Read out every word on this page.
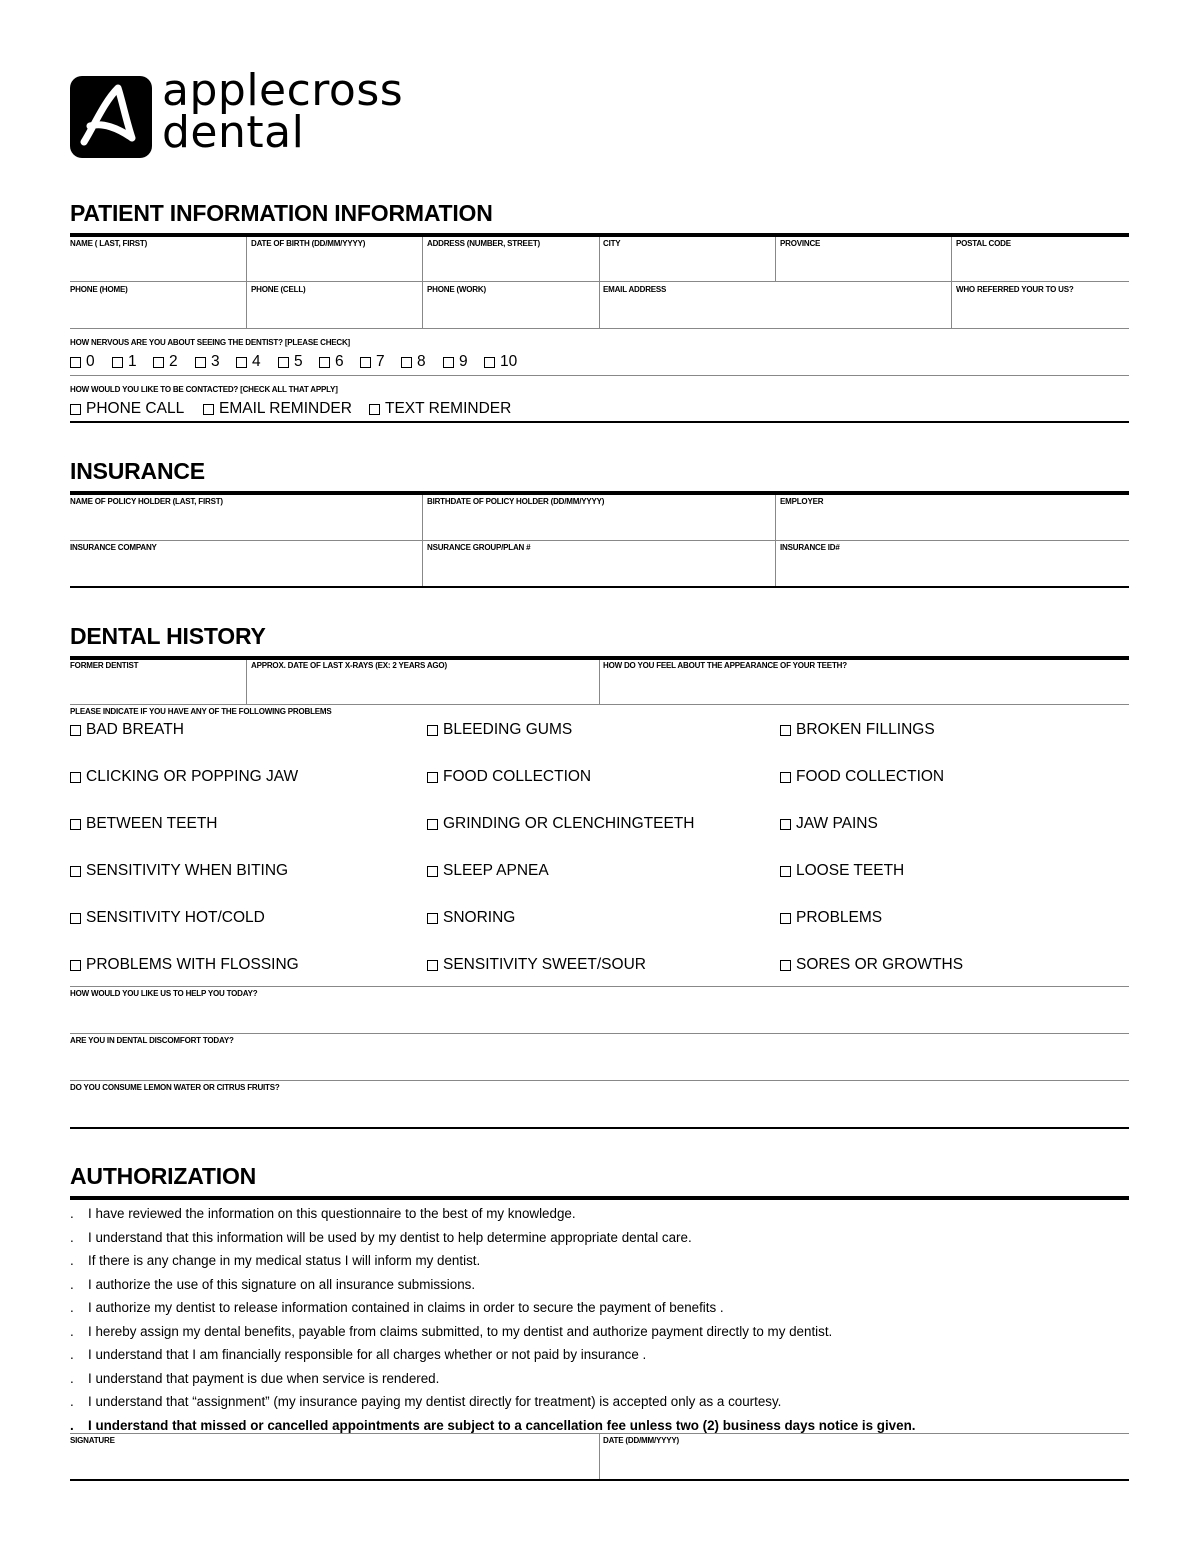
applecross
dental
PATIENT INFORMATION INFORMATION
NAME ( LAST, FIRST)	DATE OF BIRTH (DD/MM/YYYY)	ADDRESS (NUMBER, STREET)	CITY	PROVINCE	POSTAL CODE
PHONE (HOME)	PHONE (CELL)	PHONE (WORK)	EMAIL ADDRESS	WHO REFERRED YOUR TO US?
HOW NERVOUS ARE YOU ABOUT SEEING THE DENTIST? [PLEASE CHECK]
0 1 2 3 4 5 6 7 8 9 10
HOW WOULD YOU LIKE TO BE CONTACTED? [CHECK ALL THAT APPLY]
PHONE CALL EMAIL REMINDER TEXT REMINDER
INSURANCE
NAME OF POLICY HOLDER (LAST, FIRST)	BIRTHDATE OF POLICY HOLDER (DD/MM/YYYY)	EMPLOYER
INSURANCE COMPANY	NSURANCE GROUP/PLAN #	INSURANCE ID#
DENTAL HISTORY
FORMER DENTIST	APPROX. DATE OF LAST X-RAYS (EX: 2 YEARS AGO)	HOW DO YOU FEEL ABOUT THE APPEARANCE OF YOUR TEETH?
PLEASE INDICATE IF YOU HAVE ANY OF THE FOLLOWING PROBLEMS
BAD BREATH	BLEEDING GUMS	BROKEN FILLINGS
CLICKING OR POPPING JAW	FOOD COLLECTION	FOOD COLLECTION
BETWEEN TEETH	GRINDING OR CLENCHINGTEETH	JAW PAINS
SENSITIVITY WHEN BITING	SLEEP APNEA	LOOSE TEETH
SENSITIVITY HOT/COLD	SNORING	PROBLEMS
PROBLEMS WITH FLOSSING	SENSITIVITY SWEET/SOUR	SORES OR GROWTHS
HOW WOULD YOU LIKE US TO HELP YOU TODAY?
ARE YOU IN DENTAL DISCOMFORT TODAY?
DO YOU CONSUME LEMON WATER OR CITRUS FRUITS?
AUTHORIZATION
.	I have reviewed the information on this questionnaire to the best of my knowledge.
.	I understand that this information will be used by my dentist to help determine appropriate dental care.
.	If there is any change in my medical status I will inform my dentist.
.	I authorize the use of this signature on all insurance submissions.
.	I authorize my dentist to release information contained in claims in order to secure the payment of benefits .
.	I hereby assign my dental benefits, payable from claims submitted, to my dentist and authorize payment directly to my dentist.
.	I understand that I am financially responsible for all charges whether or not paid by insurance .
.	I understand that payment is due when service is rendered.
.	I understand that “assignment” (my insurance paying my dentist directly for treatment) is accepted only as a courtesy.
.	I understand that missed or cancelled appointments are subject to a cancellation fee unless two (2) business days notice is given.
SIGNATURE	DATE (DD/MM/YYYY)
